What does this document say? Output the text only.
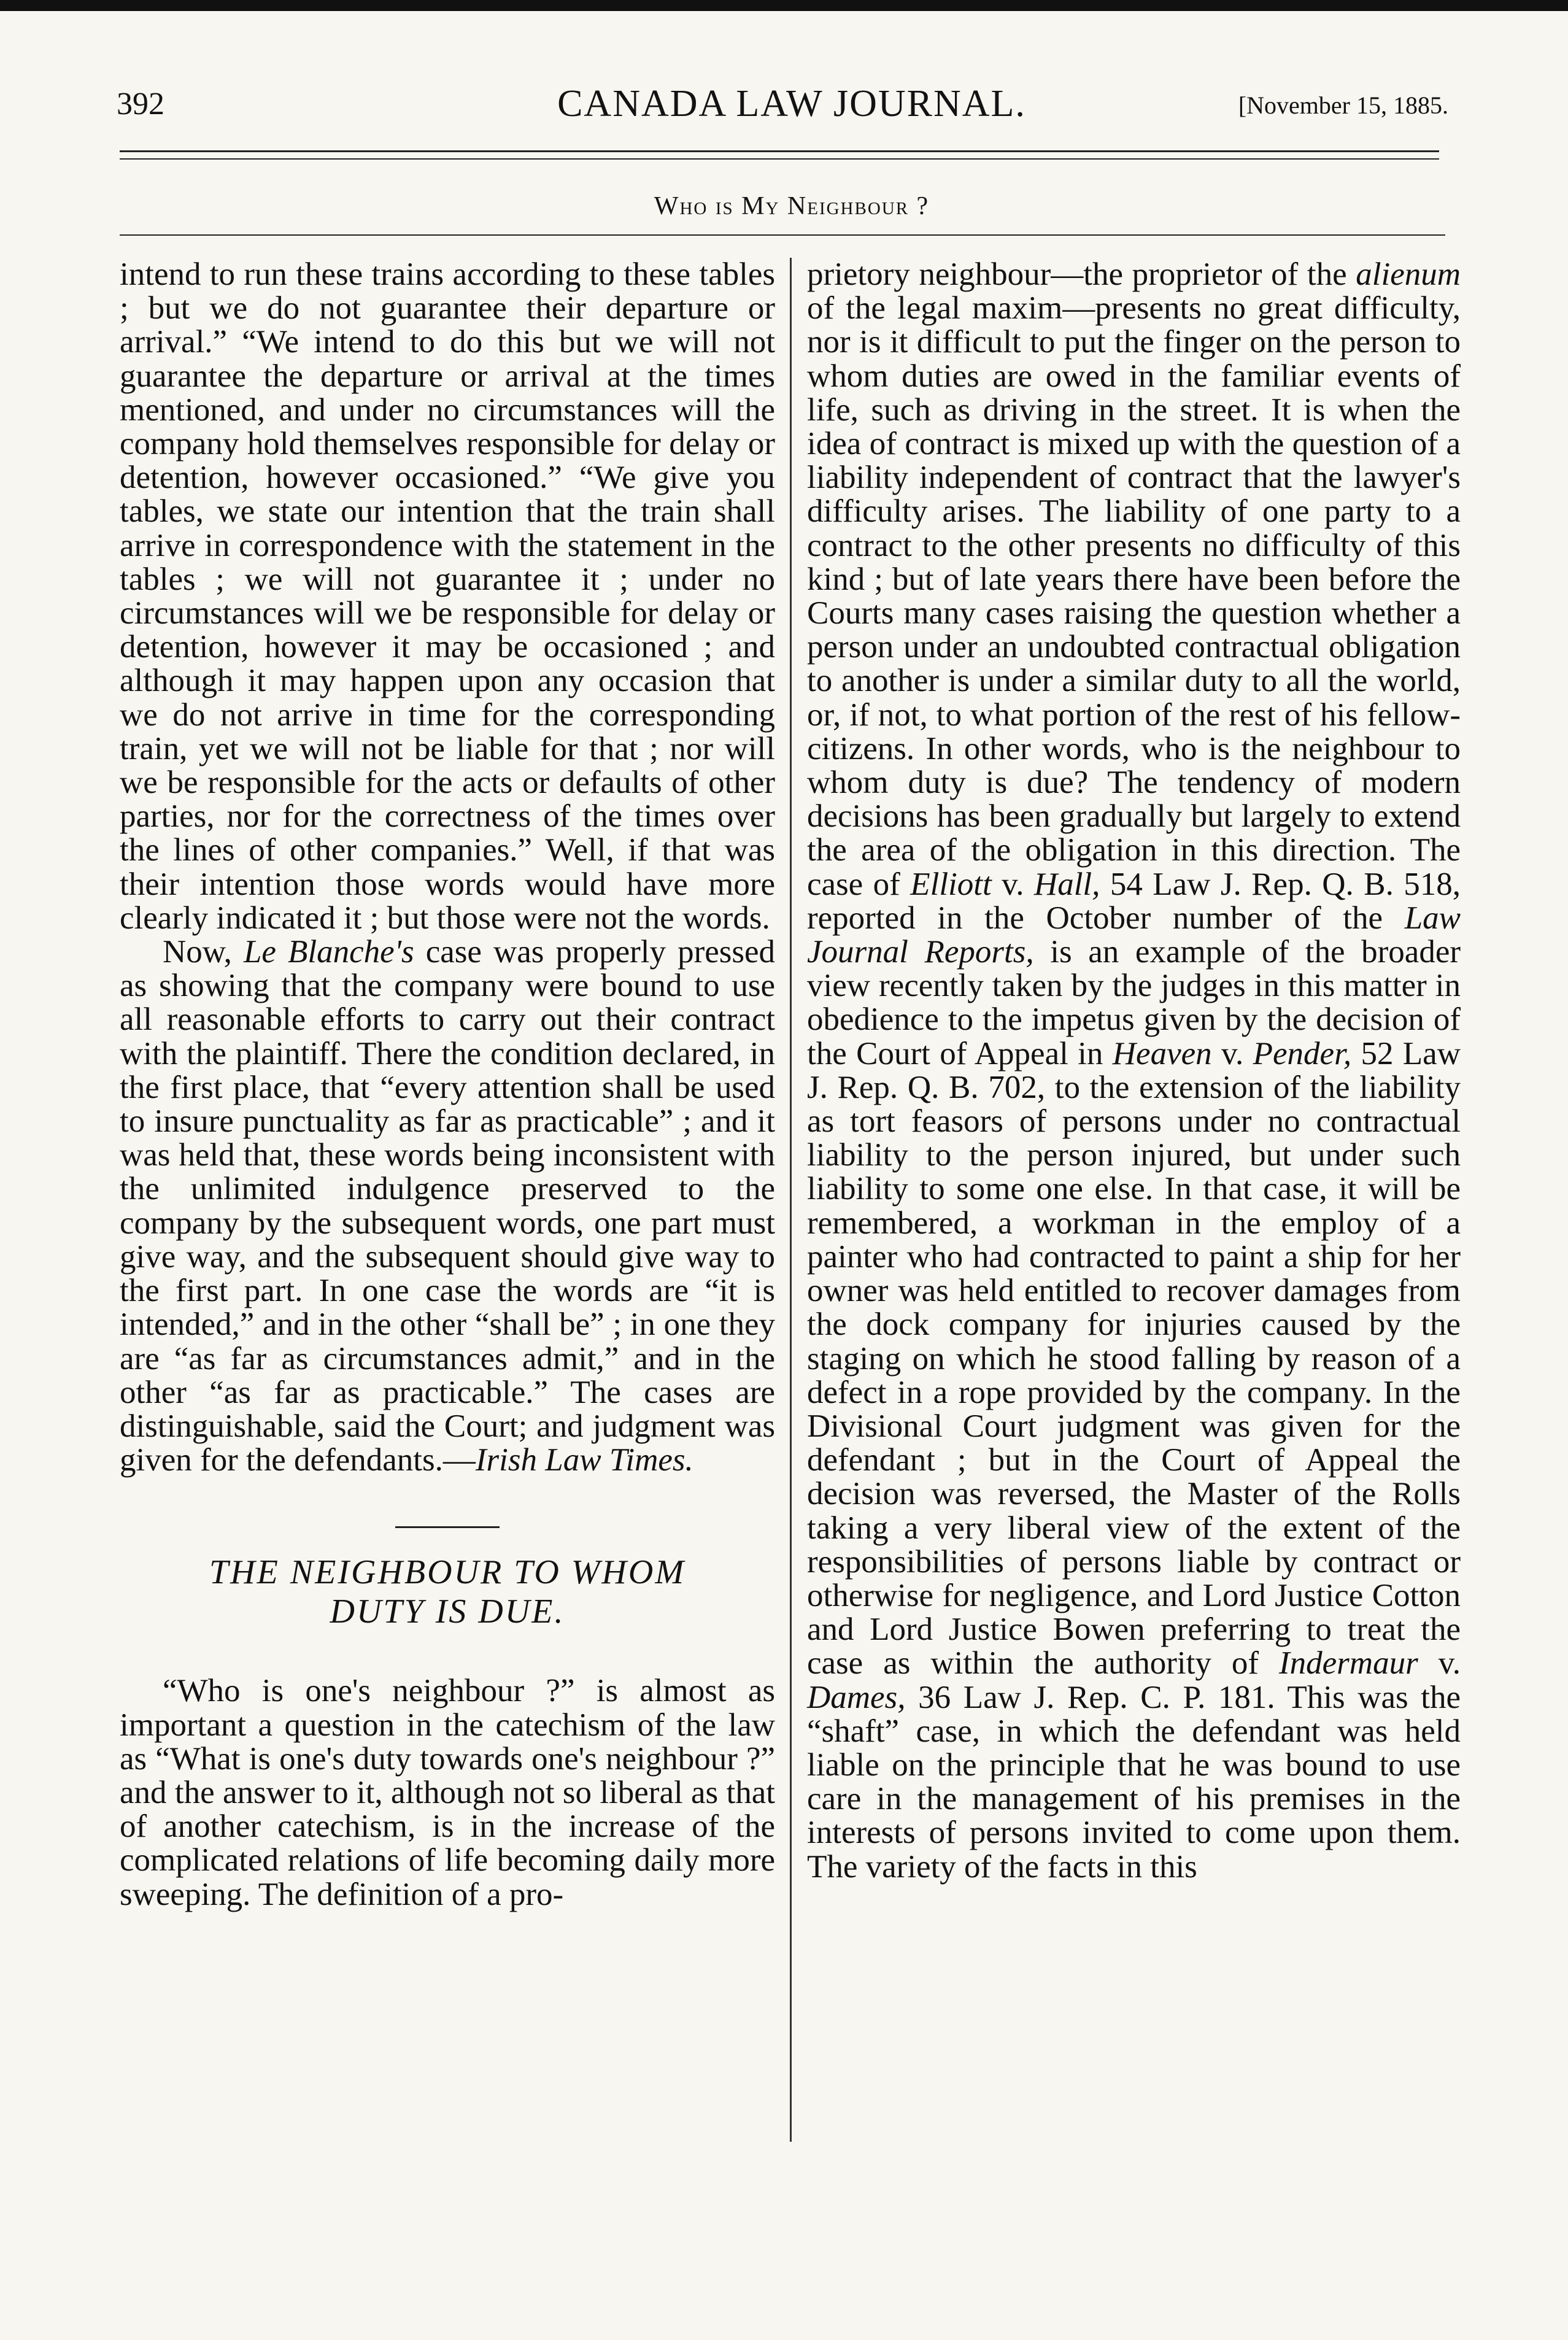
392	CANADA LAW JOURNAL.	[November 15, 1885.
Who is My Neighbour ?

intend to run these trains according to these tables ; but we do not guarantee their departure or arrival.” “We intend to do this but we will not guarantee the departure or arrival at the times mentioned, and under no circumstances will the company hold themselves responsible for delay or detention, however occasioned.” “We give you tables, we state our intention that the train shall arrive in correspondence with the statement in the tables ; we will not guarantee it ; under no circumstances will we be responsible for delay or detention, however it may be occasioned ; and although it may happen upon any occasion that we do not arrive in time for the corresponding train, yet we will not be liable for that ; nor will we be responsible for the acts or defaults of other parties, nor for the correctness of the times over the lines of other companies.” Well, if that was their intention those words would have more clearly indicated it ; but those were not the words.

Now, Le Blanche's case was properly pressed as showing that the company were bound to use all reasonable efforts to carry out their contract with the plaintiff. There the condition declared, in the first place, that “every attention shall be used to insure punctuality as far as practicable” ; and it was held that, these words being inconsistent with the unlimited indulgence preserved to the company by the subsequent words, one part must give way, and the subsequent should give way to the first part. In one case the words are “it is intended,” and in the other “shall be” ; in one they are “as far as circumstances admit,” and in the other “as far as practicable.” The cases are distinguishable, said the Court; and judgment was given for the defendants.—Irish Law Times.

THE NEIGHBOUR TO WHOM
DUTY IS DUE.

“Who is one's neighbour ?” is almost as important a question in the catechism of the law as “What is one's duty towards one's neighbour ?” and the answer to it, although not so liberal as that of another catechism, is in the increase of the complicated relations of life becoming daily more sweeping. The definition of a pro-

prietory neighbour—the proprietor of the alienum of the legal maxim—presents no great difficulty, nor is it difficult to put the finger on the person to whom duties are owed in the familiar events of life, such as driving in the street. It is when the idea of contract is mixed up with the question of a liability independent of contract that the lawyer's difficulty arises. The liability of one party to a contract to the other presents no difficulty of this kind ; but of late years there have been before the Courts many cases raising the question whether a person under an undoubted contractual obligation to another is under a similar duty to all the world, or, if not, to what portion of the rest of his fellow-citizens. In other words, who is the neighbour to whom duty is due? The tendency of modern decisions has been gradually but largely to extend the area of the obligation in this direction. The case of Elliott v. Hall, 54 Law J. Rep. Q. B. 518, reported in the October number of the Law Journal Reports, is an example of the broader view recently taken by the judges in this matter in obedience to the impetus given by the decision of the Court of Appeal in Heaven v. Pender, 52 Law J. Rep. Q. B. 702, to the extension of the liability as tort feasors of persons under no contractual liability to the person injured, but under such liability to some one else. In that case, it will be remembered, a workman in the employ of a painter who had contracted to paint a ship for her owner was held entitled to recover damages from the dock company for injuries caused by the staging on which he stood falling by reason of a defect in a rope provided by the company. In the Divisional Court judgment was given for the defendant ; but in the Court of Appeal the decision was reversed, the Master of the Rolls taking a very liberal view of the extent of the responsibilities of persons liable by contract or otherwise for negligence, and Lord Justice Cotton and Lord Justice Bowen preferring to treat the case as within the authority of Indermaur v. Dames, 36 Law J. Rep. C. P. 181. This was the “shaft” case, in which the defendant was held liable on the principle that he was bound to use care in the management of his premises in the interests of persons invited to come upon them. The variety of the facts in this
